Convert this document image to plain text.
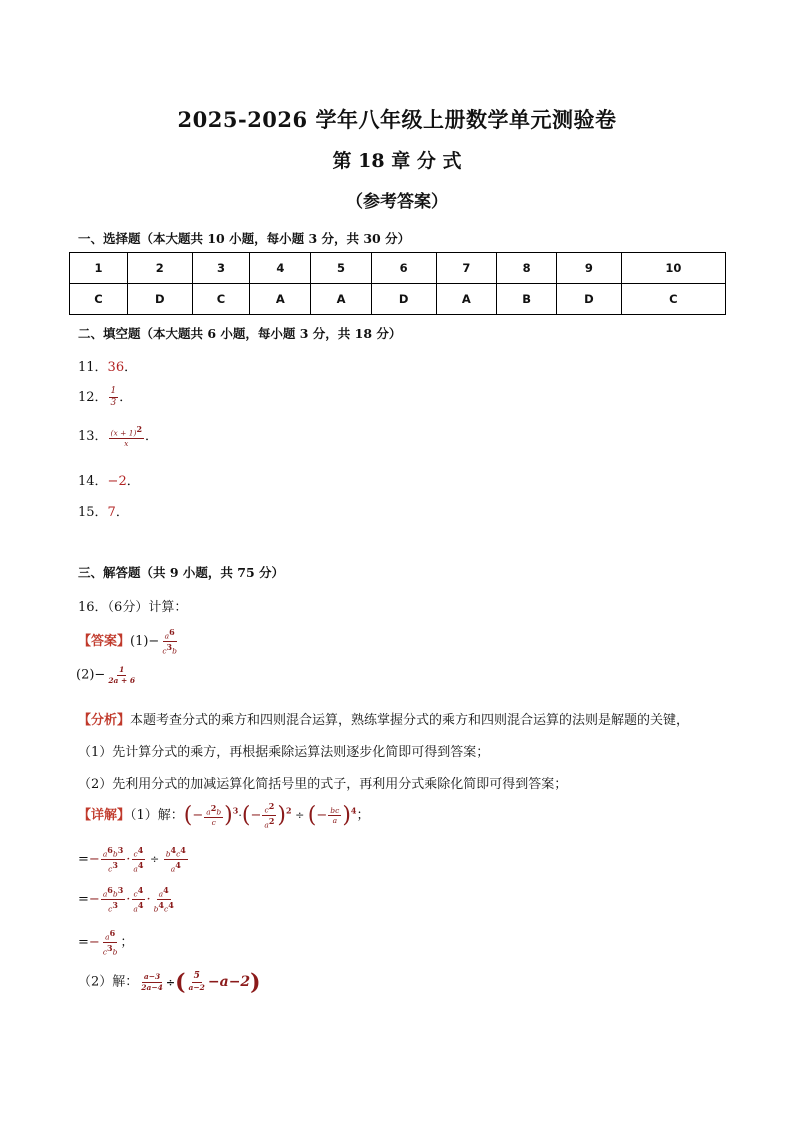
2025-2026 学年八年级上册数学单元测验卷
第 18 章 分 式
（参考答案）
一、选择题（本大题共 10 小题，每小题 3 分，共 30 分）
1	2	3	4	5	6	7	8	9	10
C	D	C	A	A	D	A	B	D	C
二、填空题（本大题共 6 小题，每小题 3 分，共 18 分）
11．36．
12． $\frac{1}{3}$ ．
13． $\frac{(x + 1)2}{x}$ ．
14．−2．
15．7．
三、解答题（共 9 小题，共 75 分）
16．（6分）计算：
【答案】$(1)- \frac{a6}{c3b}$
$(2)- \frac{1}{2a + 6}$
【分析】本题考查分式的乘方和四则混合运算，熟练掌握分式的乘方和四则混合运算的法则是解题的关键，
（1）先计算分式的乘方，再根据乘除运算法则逐步化简即可得到答案；
（2）先利用分式的加减运算化简括号里的式子，再利用分式乘除化简即可得到答案；
【详解】（1）解：(− $\frac{a2b}{c} )^3\cdot(- \frac{c2}{a2} )^2$ ÷ (− $\frac{bc}{a} )^4$；
=− $\frac{a6b3}{c3} \cdot \frac{c4}{a4} \div \frac{b4c4}{a4}$
=− $\frac{a6b3}{c3} \cdot \frac{c4}{a4} \cdot \frac{a4}{b4c4}$
=− $\frac{a6}{c3b}$ ；
（2）解： $\frac{a-3}{2a-4}$ ÷( $\frac{5}{a-2} -a-2$)
